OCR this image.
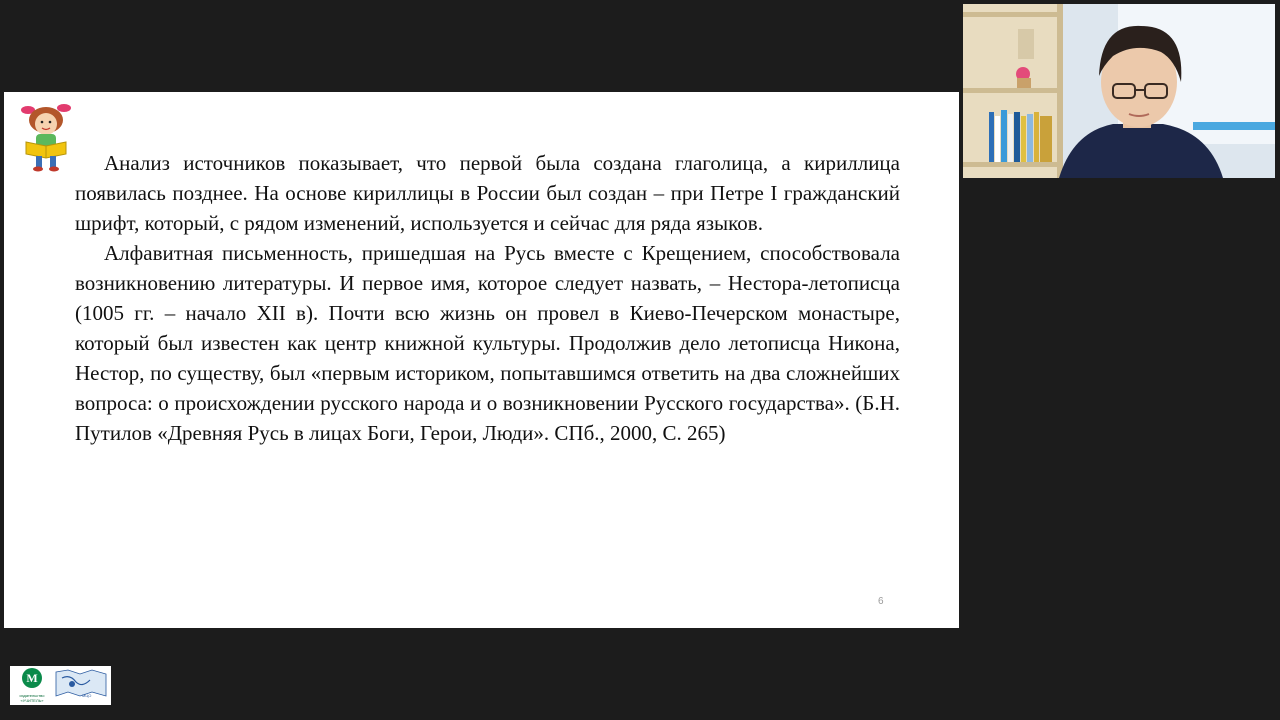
Анализ источников показывает, что первой была создана глаголица, а кириллица появилась позднее. На основе кириллицы в России был создан – при Петре I гражданский шрифт, который, с рядом изменений, используется и сейчас для ряда языков.

Алфавитная письменность, пришедшая на Русь вместе с Крещением, способствовала возникновению литературы. И первое имя, которое следует назвать, – Нестора-летописца (1005 гг. – начало XII в). Почти всю жизнь он провел в Киево-Печерском монастыре, который был известен как центр книжной культуры. Продолжив дело летописца Никона, Нестор, по существу, был «первым историком, попытавшимся ответить на два сложнейших вопроса: о происхождении русского народа и о возникновении Русского государства». (Б.Н. Путилов «Древняя Русь в лицах Боги, Герои, Люди». СПб., 2000, С. 265)

6
М
издательство «УЧИТЕЛЬ»
МЦО
